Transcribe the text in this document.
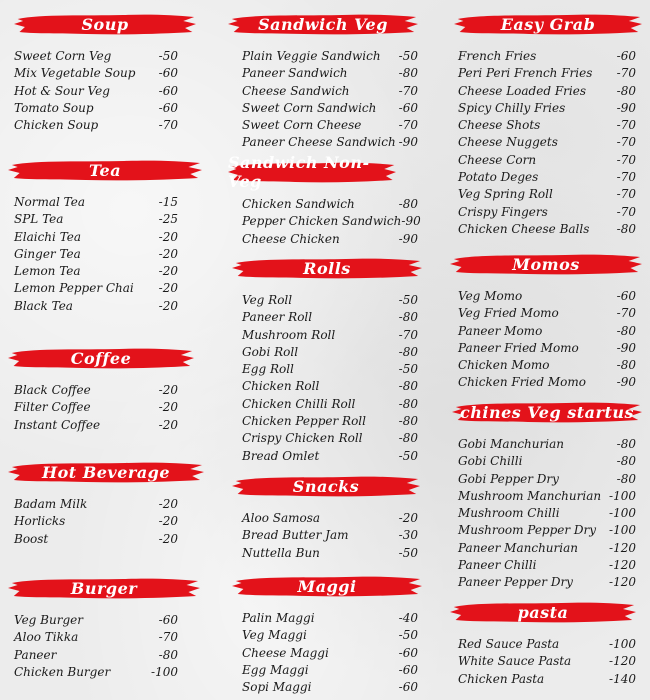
Soup
Sweet Corn Veg	-50
Mix Vegetable Soup -60
Hot & Sour Veg	-60
Tomato Soup	-60
Chicken Soup	-70
Tea
Normal Tea	-15
SPL Tea	-25
Elaichi Tea	-20
Ginger Tea	-20
Lemon Tea	-20
Lemon Pepper Chai -20
Black Tea	-20
Coffee
Black Coffee	-20
Filter Coffee	-20
Instant Coffee	-20
Hot Beverage
Badam Milk	-20
Horlicks	-20
Boost	-20
Burger
Veg Burger	-60
Aloo Tikka	-70
Paneer	-80
Chicken Burger	-100
Sandwich Veg
Plain Veggie Sandwich -50
Paneer Sandwich	-80
Cheese Sandwich	-70
Sweet Corn Sandwich -60
Sweet Corn Cheese	-70
Paneer Cheese Sandwich -90
Sandwich Non-Veg
Chicken Sandwich	-80
Pepper Chicken Sandwich -90
Cheese Chicken	-90
Rolls
Veg Roll	-50
Paneer Roll	-80
Mushroom Roll	-70
Gobi Roll	-80
Egg Roll	-50
Chicken Roll	-80
Chicken Chilli Roll	-80
Chicken Pepper Roll	-80
Crispy Chicken Roll	-80
Bread Omlet	-50
Snacks
Aloo Samosa	-20
Bread Butter Jam	-30
Nuttella Bun	-50
Maggi
Palin Maggi	-40
Veg Maggi	-50
Cheese Maggi	-60
Egg Maggi	-60
Sopi Maggi	-60
Easy Grab
French Fries	-60
Peri Peri French Fries -70
Cheese Loaded Fries	-80
Spicy Chilly Fries	-90
Cheese Shots	-70
Cheese Nuggets	-70
Cheese Corn	-70
Potato Deges	-70
Veg Spring Roll	-70
Crispy Fingers	-70
Chicken Cheese Balls -80
Momos
Veg Momo	-60
Veg Fried Momo	-70
Paneer Momo	-80
Paneer Fried Momo	-90
Chicken Momo	-80
Chicken Fried Momo	-90
chines Veg startus
Gobi Manchurian	-80
Gobi Chilli	-80
Gobi Pepper Dry	-80
Mushroom Manchurian -100
Mushroom Chilli	-100
Mushroom Pepper Dry -100
Paneer Manchurian	-120
Paneer Chilli	-120
Paneer Pepper Dry	-120
pasta
Red Sauce Pasta	-100
White Sauce Pasta	-120
Chicken Pasta	-140
